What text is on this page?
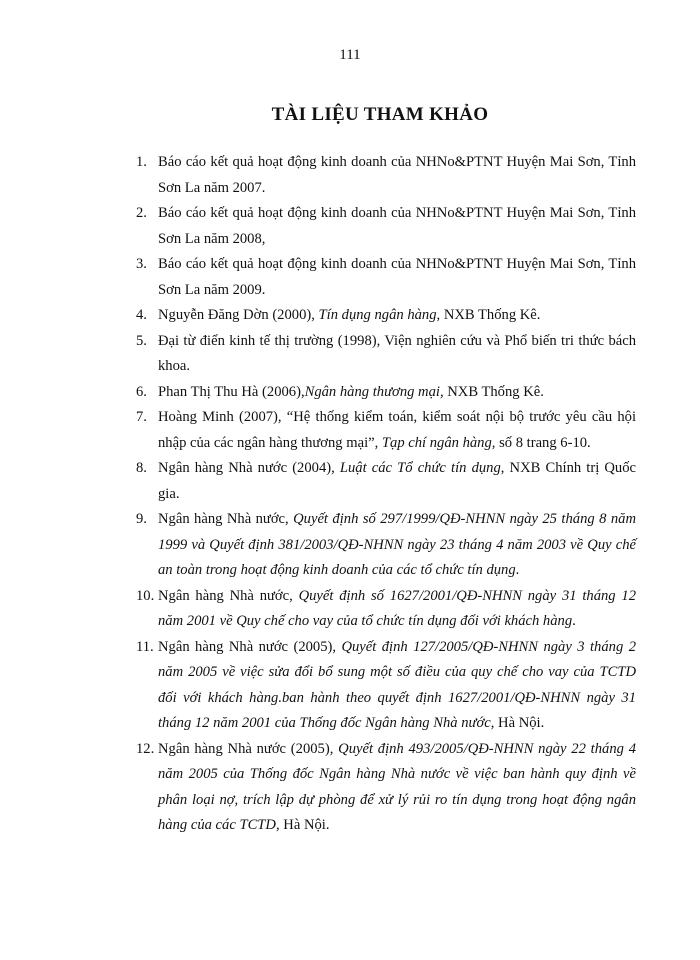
111
TÀI LIỆU THAM KHẢO
1. Báo cáo kết quả hoạt động kinh doanh của NHNo&PTNT Huyện Mai Sơn, Tỉnh Sơn La năm 2007.
2. Báo cáo kết quả hoạt động kinh doanh của NHNo&PTNT Huyện Mai Sơn, Tỉnh Sơn La năm 2008,
3. Báo cáo kết quả hoạt động kinh doanh của NHNo&PTNT Huyện Mai Sơn, Tỉnh Sơn La năm 2009.
4. Nguyễn Đăng Dờn (2000), Tín dụng ngân hàng, NXB Thống Kê.
5. Đại từ điển kinh tế thị trường (1998), Viện nghiên cứu và Phổ biến tri thức bách khoa.
6. Phan Thị Thu Hà (2006),Ngân hàng thương mại, NXB Thống Kê.
7. Hoàng Minh (2007), “Hệ thống kiểm toán, kiểm soát nội bộ trước yêu cầu hội nhập của các ngân hàng thương mại”, Tạp chí ngân hàng, số 8 trang 6-10.
8. Ngân hàng Nhà nước (2004), Luật các Tổ chức tín dụng, NXB Chính trị Quốc gia.
9. Ngân hàng Nhà nước, Quyết định số 297/1999/QĐ-NHNN ngày 25 tháng 8 năm 1999 và Quyết định 381/2003/QĐ-NHNN ngày 23 tháng 4 năm 2003 về Quy chế an toàn trong hoạt động kinh doanh của các tổ chức tín dụng.
10. Ngân hàng Nhà nước, Quyết định số 1627/2001/QĐ-NHNN ngày 31 tháng 12 năm 2001 về Quy chế cho vay của tổ chức tín dụng đối với khách hàng.
11. Ngân hàng Nhà nước (2005), Quyết định 127/2005/QĐ-NHNN ngày 3 tháng 2 năm 2005 về việc sửa đổi bổ sung một số điều của quy chế cho vay của TCTD đối với khách hàng.ban hành theo quyết định 1627/2001/QĐ-NHNN ngày 31 tháng 12 năm 2001 của Thống đốc Ngân hàng Nhà nước, Hà Nội.
12. Ngân hàng Nhà nước (2005), Quyết định 493/2005/QĐ-NHNN ngày 22 tháng 4 năm 2005 của Thống đốc Ngân hàng Nhà nước về việc ban hành quy định về phân loại nợ, trích lập dự phòng để xử lý rủi ro tín dụng trong hoạt động ngân hàng của các TCTD, Hà Nội.
